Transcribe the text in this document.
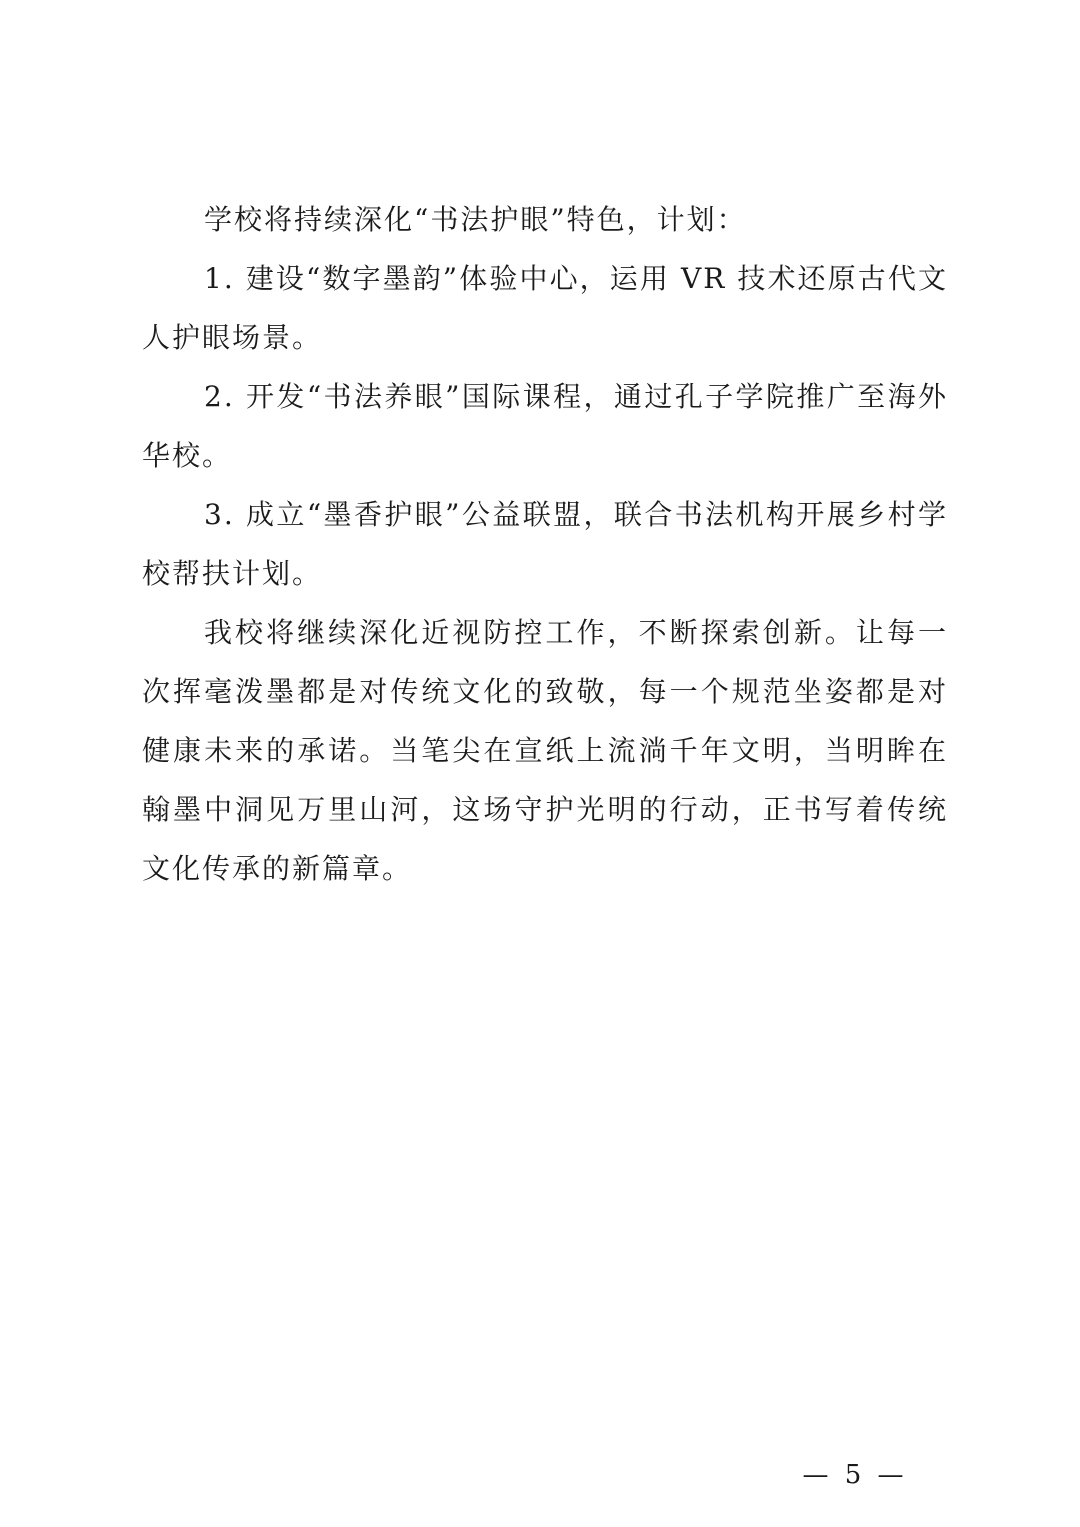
学校将持续深化“书法护眼”特色，计划：

1. 建设“数字墨韵”体验中心，运用 VR 技术还原古代文人护眼场景。

2. 开发“书法养眼”国际课程，通过孔子学院推广至海外华校。

3. 成立“墨香护眼”公益联盟，联合书法机构开展乡村学校帮扶计划。

我校将继续深化近视防控工作，不断探索创新。让每一次挥毫泼墨都是对传统文化的致敬，每一个规范坐姿都是对健康未来的承诺。当笔尖在宣纸上流淌千年文明，当明眸在翰墨中洞见万里山河，这场守护光明的行动，正书写着传统文化传承的新篇章。

— 5 —
